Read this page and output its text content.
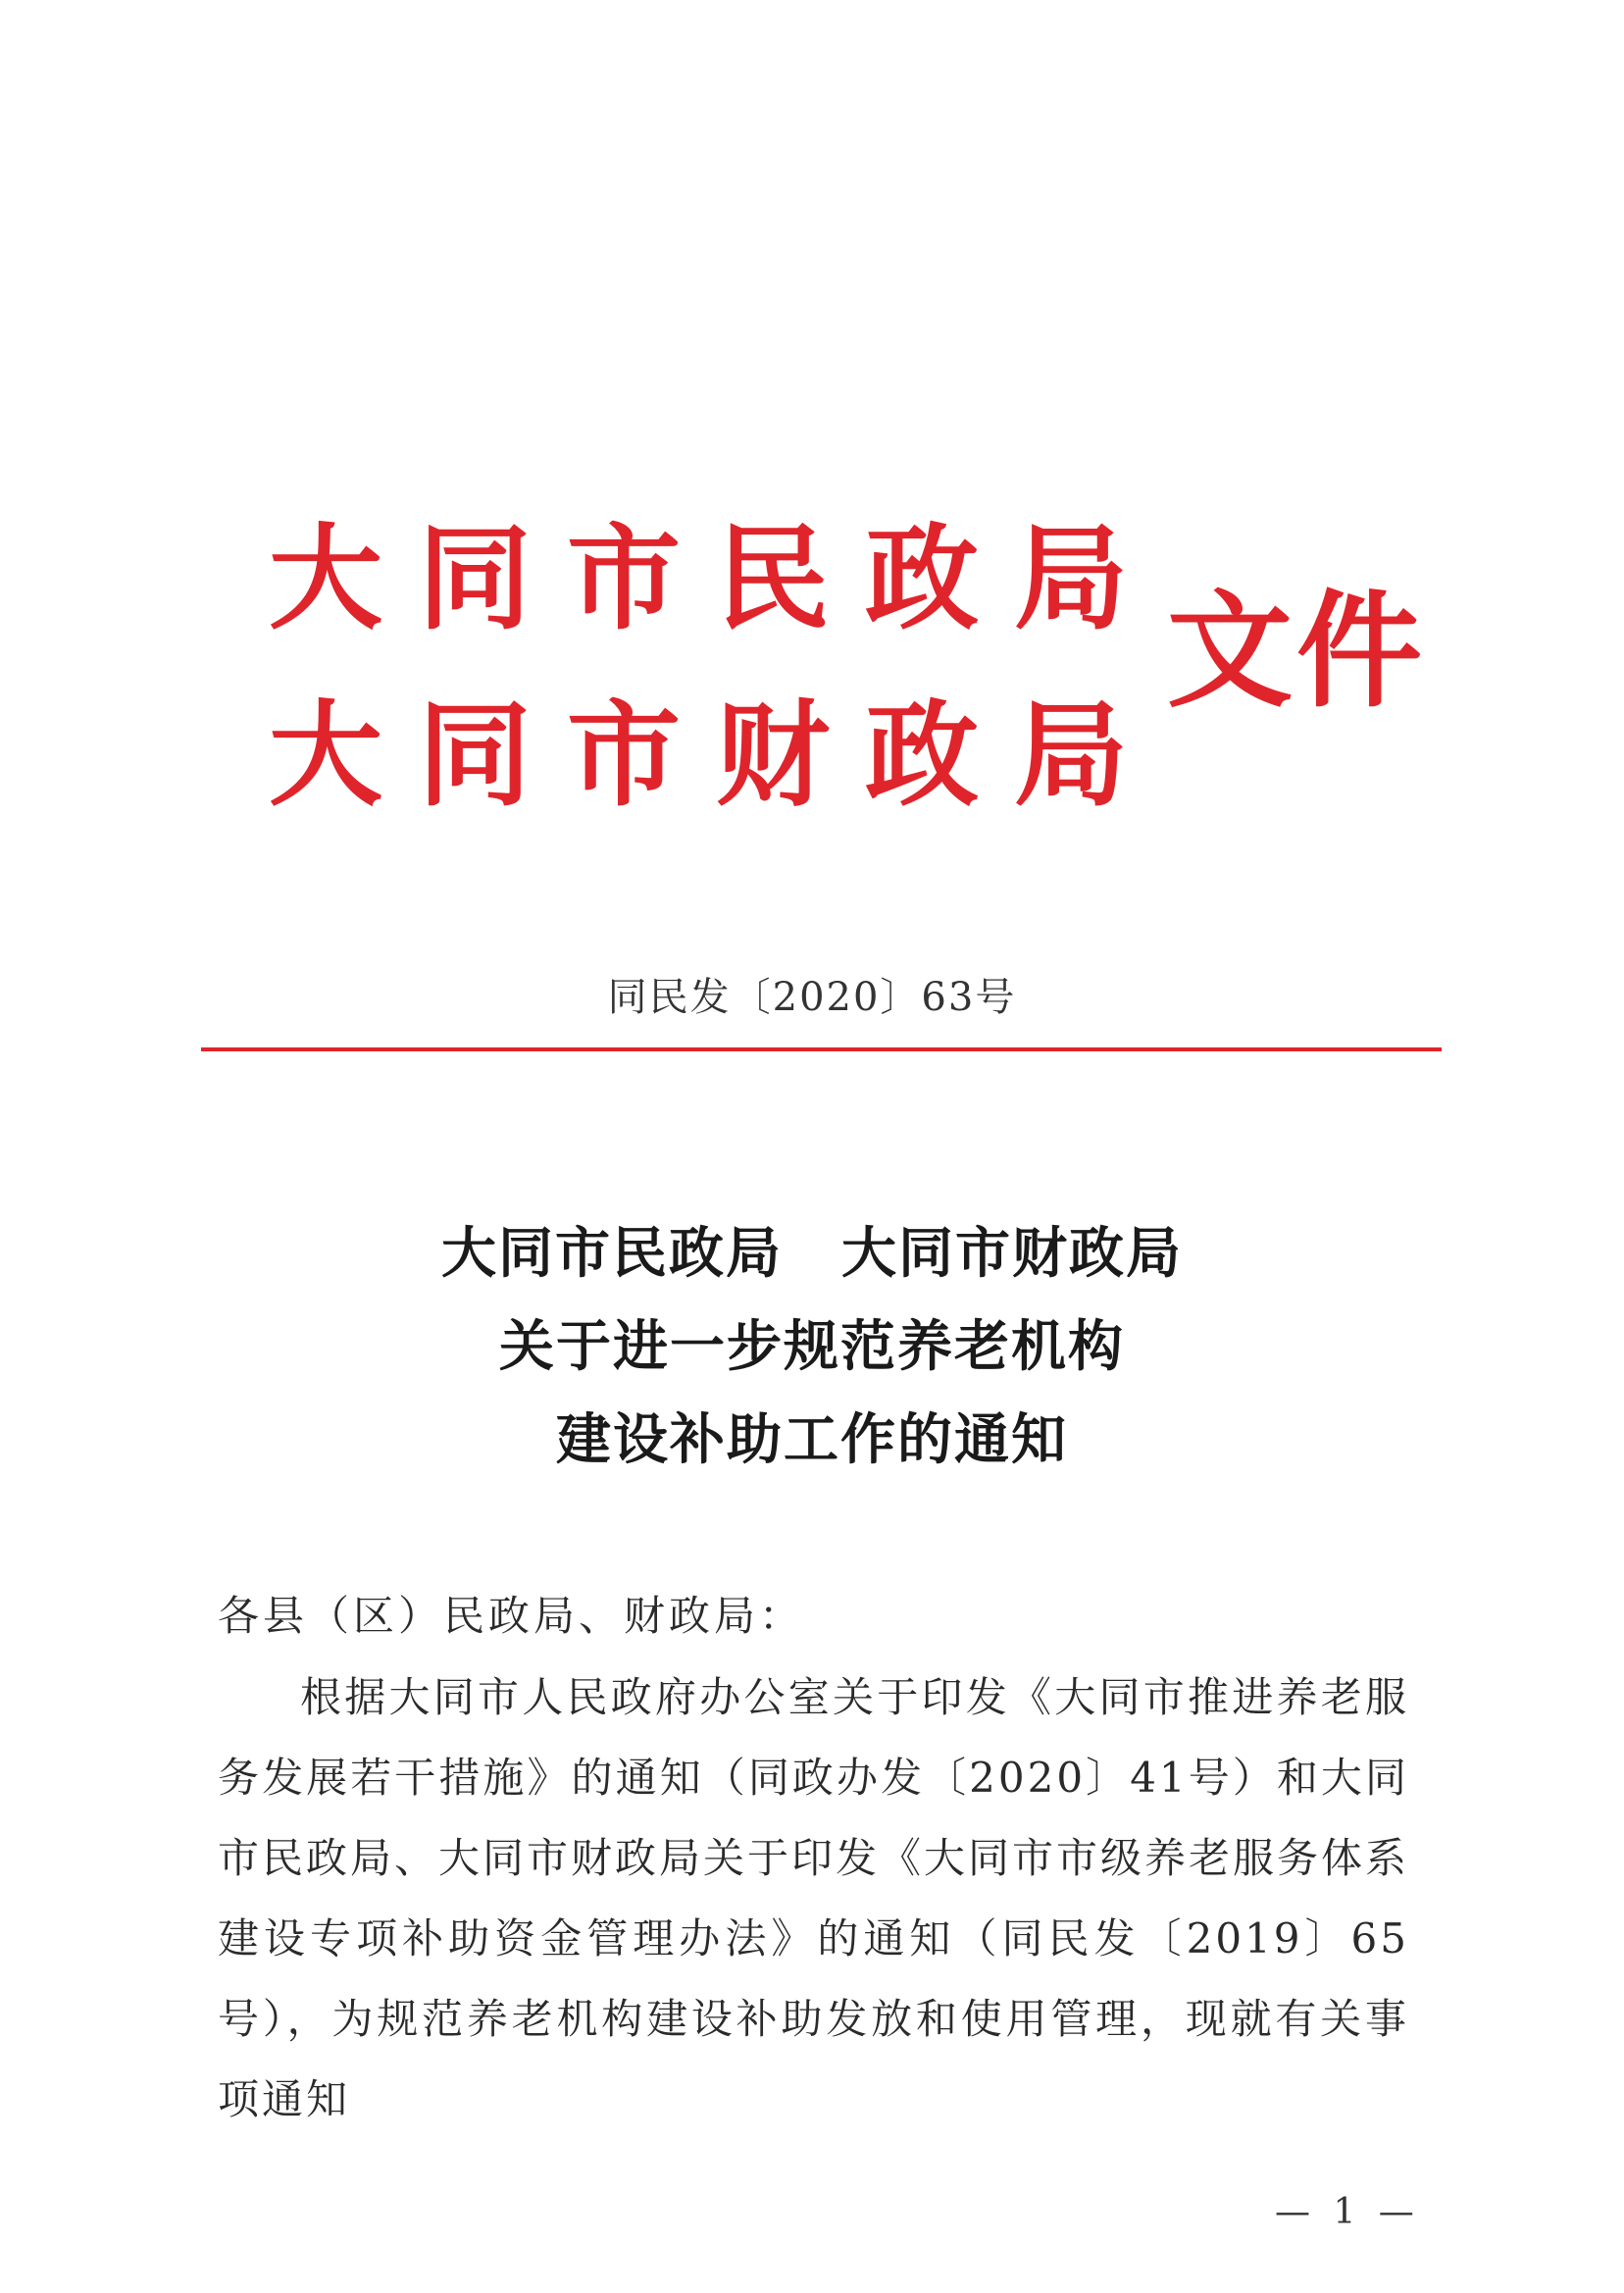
大 同 市 民 政 局
大 同 市 财 政 局
文件
同民发〔2020〕63号
大同市民政局 大同市财政局
关于进一步规范养老机构
建设补助工作的通知
各县（区）民政局、财政局：

根据大同市人民政府办公室关于印发《大同市推进养老服务发展若干措施》的通知（同政办发〔2020〕41号）和大同市民政局、大同市财政局关于印发《大同市市级养老服务体系建设专项补助资金管理办法》的通知（同民发〔2019〕65号），为规范养老机构建设补助发放和使用管理，现就有关事项通知

— 1 —
